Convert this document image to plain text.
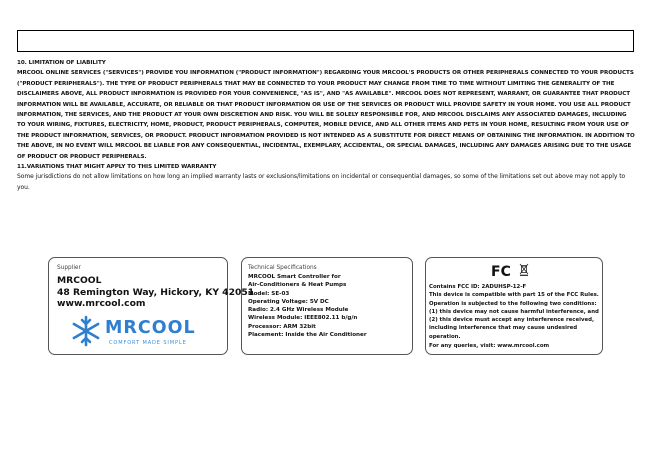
10. LIMITATION OF LIABILITY

MRCOOL ONLINE SERVICES ("SERVICES") PROVIDE YOU INFORMATION ("PRODUCT INFORMATION") REGARDING YOUR MRCOOL'S PRODUCTS OR OTHER PERIPHERALS CONNECTED TO YOUR PRODUCTS ("PRODUCT PERIPHERALS"). THE TYPE OF PRODUCT PERIPHERALS THAT MAY BE CONNECTED TO YOUR PRODUCT MAY CHANGE FROM TIME TO TIME WITHOUT LIMITING THE GENERALITY OF THE DISCLAIMERS ABOVE, ALL PRODUCT INFORMATION IS PROVIDED FOR YOUR CONVENIENCE, "AS IS", AND "AS AVAILABLE". MRCOOL DOES NOT REPRESENT, WARRANT, OR GUARANTEE THAT PRODUCT INFORMATION WILL BE AVAILABLE, ACCURATE, OR RELIABLE OR THAT PRODUCT INFORMATION OR USE OF THE SERVICES OR PRODUCT WILL PROVIDE SAFETY IN YOUR HOME. YOU USE ALL PRODUCT INFORMATION, THE SERVICES, AND THE PRODUCT AT YOUR OWN DISCRETION AND RISK. YOU WILL BE SOLELY RESPONSIBLE FOR, AND MRCOOL DISCLAIMS ANY ASSOCIATED DAMAGES, INCLUDING TO YOUR WIRING, FIXTURES, ELECTRICITY, HOME, PRODUCT, PRODUCT PERIPHERALS, COMPUTER, MOBILE DEVICE, AND ALL OTHER ITEMS AND PETS IN YOUR HOME, RESULTING FROM YOUR USE OF THE PRODUCT INFORMATION, SERVICES, OR PRODUCT. PRODUCT INFORMATION PROVIDED IS NOT INTENDED AS A SUBSTITUTE FOR DIRECT MEANS OF OBTAINING THE INFORMATION. IN ADDITION TO THE ABOVE, IN NO EVENT WILL MRCOOL BE LIABLE FOR ANY CONSEQUENTIAL, INCIDENTAL, EXEMPLARY, ACCIDENTAL, OR SPECIAL DAMAGES, INCLUDING ANY DAMAGES ARISING DUE TO THE USAGE OF PRODUCT OR PRODUCT PERIPHERALS.

11.VARIATIONS THAT MIGHT APPLY TO THIS LIMITED WARRANTY

Some jurisdictions do not allow limitations on how long an implied warranty lasts or exclusions/limitations on incidental or consequential damages, so some of the limitations set out above may not apply to you.

Supplier
MRCOOL
48 Remington Way, Hickory, KY 42051
www.mrcool.com
MRCOOL
COMFORT MADE SIMPLE
Technical Specifications
MRCOOL Smart Controller for
Air-Conditioners & Heat Pumps
Model: SE-03
Operating Voltage: 5V DC
Radio: 2.4 GHz Wireless Module
Wireless Module: IEEE802.11 b/g/n
Processor: ARM 32bit
Placement: Inside the Air Conditioner
FC
Contains FCC ID: 2ADUHSP-12-F
This device is compatible with part 15 of the FCC Rules.
Operation is subjected to the following two conditions:
(1) this device may not cause harmful interference, and
(2) this device must accept any interference received,
including interference that may cause undesired
operation.
For any queries, visit: www.mrcool.com
